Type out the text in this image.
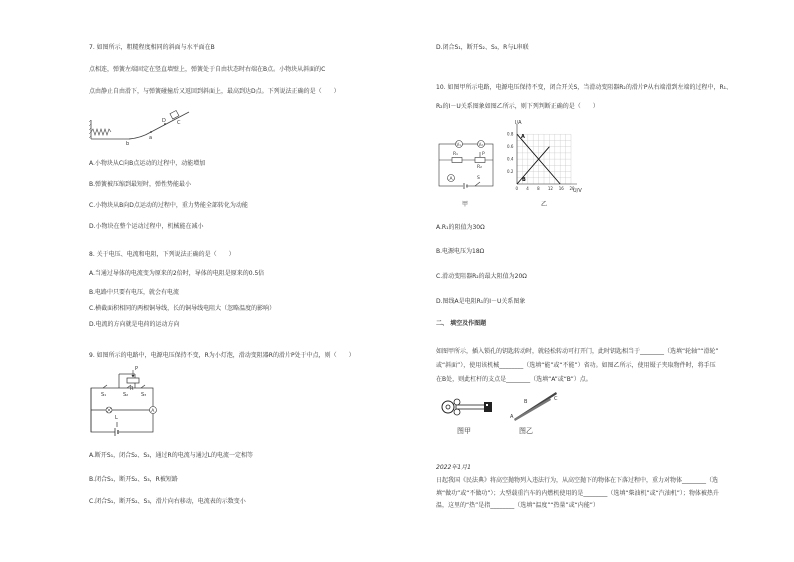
7. 如图所示，粗糙程度相同的斜面与水平面在B
点相连，弹簧左端固定在竖直墙壁上，弹簧处于自由状态时右端在B点。小物块从斜面的C
点由静止自由滑下，与弹簧碰撞后又返回到斜面上，最高到达D点。下列说法正确的是（　　）
b
D C
a
A.小物块从C向B点运动的过程中，动能增加
B.弹簧被压缩到最短时，弹性势能最小
C.小物块从B向D点运动的过程中，重力势能全部转化为动能
D.小物块在整个运动过程中，机械能在减小
8. 关于电压、电流和电阻，下列说法正确的是（　　）
A.当通过导体的电流变为原来的2倍时，导体的电阻是原来的0.5倍
B.电路中只要有电压，就会有电流
C.横截面积相同的两根铜导线，长的铜导线电阻大（忽略温度的影响）
D.电流的方向就是电荷的运动方向
9. 如图所示的电路中，电源电压保持不变，R为小灯泡，滑动变阻器R的滑片P处于中点，则（　　）
P
R
S₁	S₂	S₃
A
L
A.断开S₁，闭合S₂、S₃，通过R的电流与通过L的电流一定相等
B.闭合S₁，断开S₂、S₃，R被短路
C.闭合S₁，断开S₂、S₃，滑片向右移动，电流表的示数变小
D.闭合S₁，断开S₂、S₃，R与L串联
10. 如图甲所示电路，电源电压保持不变，闭合开关S，当滑动变阻器R₂的滑片P从右端滑到左端的过程中，R₁、
R₂的I－U关系图象如图乙所示，则下列判断正确的是（　　）
V₁	V₂
R₁	P
R₂
A	S
0 4 8 12 16 20
0.2
0.4
0.6
0.8 A
B
I/A
U/V
甲	乙
A.R₁的阻值为30Ω
B.电源电压为18Ω
C.滑动变阻器R₂的最大阻值为20Ω
D.图线A是电阻R₁的I－U关系图象
二、 填空及作图题
如图甲所示，插入锁孔的钥匙转动时，就轻松转动可打开门，此时钥匙相当于________（选填“轮轴”“滑轮”
或“斜面”），使用该机械________（选填“能”或“不能”）省功。如图乙所示，使用镊子夹取物件时，将手压
在B处，则此杠杆的支点是________（选填“A”或“B”）点。
图甲
A
B	C
图乙
2022年1月1
日起我国《民法典》将高空抛物列入违法行为，从高空抛下的物体在下落过程中，重力对物体________（选
填“做功”或“不做功”）；大型载重汽车的内燃机使用的是________（选填“柴油机”或“汽油机”）；物体被热升
温，这里的“热”是指________（选填“温度”“热量”或“内能”）
